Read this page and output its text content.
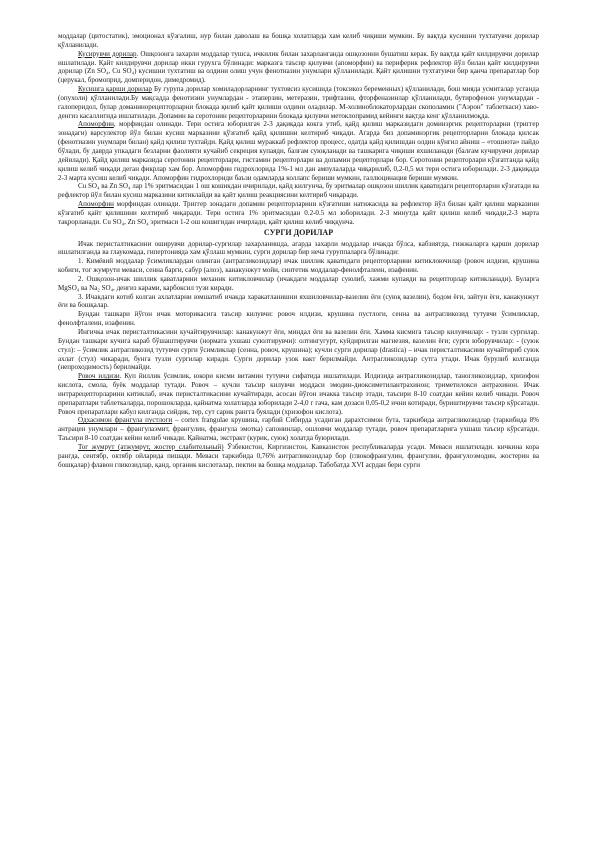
моддалар (цитостатик), эмоционал кўзғалиш, нур билан даволаш ва бошқа холатларда хам келиб чиқиши мумкин. Бу вақтда кусишни тухтатувчи дорилар қўлланилади.

Кусирувчи дорилар. Ошқозонга захарли моддалар тушса, ичкилик билан захарланганда ошқозонни бушатиш керак. Бу вақтда қайт килдирувчи дорилар ишлатилади. Қайт килдирувчи дорилар икки гурухга бўлинади: марказга таъсир қилувчи (апоморфин) ва периферик рефлектор йўл билан қайт килдирувчи дорилар (Zn SO₄, Cu SO₄) кусишни тухтатиш ва олдини олиш учун фенотиазин унумлари қўлланилади. Қайт қилишни тухтатувчи бир қанча препаратлар бор (церукал, бромоприд, домперидон, димедромид).

Кусишга қарши дорилар Бу гурупа дорилар хомиладорларнинг тухтовсиз кусишида (токсикоз беременных) қўлланилади, бош мияда усмиталар усганда (опухоли) қўлланилади.Бу мақсадда фенотизин унумлардан - этаперзин, метеразин, трифтазин, фторфеназинлар қўлланилади, бутирофенон унумлардан - галоперидол, булар доманинорецепторларни блокада қилиб қайт қилиши олдини оладилар. М-холиноблокаторлардан скополамин ("Аэрон" таблеткаси) хаво-денгиз касаллигида ишлатилади. Допамин ва серотонин рецепторларини блокада қилувчи метоклопрамид кейинги вақтда кенг қўлланилмоқда.

Апоморфин, морфиндан олинади. Тери остига юборилгач 2-3 дақиқада кокга утиб, қайд қилиш марказидаги доминэргик рецепторларни (триггер зонадаги) варсулектор йўл билан кусиш марказини қўзғатиб қайд қилишни келтириб чиқади. Агарда биз допаминэргик рецепторларни блокада қилсак (фенотиазин унумлари билан) қайд қилиш тухтайди. Қайд қилиш мураккаб рефлектор процесс, одатда қайд қилишдан олдин кўнгил айниш – «тошнота» пайдо бўлади, бу даврда упкадаги безларни фаолияти кучайиб секреция купаяди, балғам суюқланади ва ташкарига чиқиши яхшиланади (балғам кучирувчи дорилар дейилади). Қайд қилиш марказида серотонин рецепторлари, гистамин рецепторлари ва допамин рецепторлари бор. Серотонин рецепторлари кўзғатганда қайд қилиш келиб чиқади деган фикрлар хам бор. Апоморфин гидрохлорида 1%-1 мл дан ампулаларда чиқарилиб, 0,2-0,5 мл тери остига юборилади. 2-3 дақиқада 2-3 марта кусиш келиб чиқади. Апоморфин гидрохлориди баъзи одамларда коллапс бериши мумкин, галлюцинация бериши мумкин.

Cu SO₄ ва Zn SO₄ лар 1% эритмасидан 1 ош кошикдан ичирилади, қайд килгунча, бу эритмалар ошқозон шиллик қаватидаги рецепторларни кўзғатади ва рефлектор йўл билан кусиш марказини китиклайди ва қайт қилиш реакциясини келтириб чиқаради.

Апоморфин морфиндан олинади. Триггер зонадаги допамин рецепторларини кўзғатиши натижасида ва рефлектор йўл билан қайт қилиш марказини кўзғатиб қайт қилишини келтириб чиқаради. Тери остига 1% эритмасидан 0.2-0.5 мл юборилади. 2-3 минутда қайт қилиш келиб чиқади,2-3 марта тақрорланади. Cu SO₄, Zn SO₄ эритмаси 1-2 ош кошигидан ичирлади, қайт қилиш келиб чиққунча.

СУРГИ ДОРИЛАР

Ичак перисталтикасини оширувчи дорилар-сургилар захарланишда, агарда захарли моддалар ичакда бўлса, кабзиятда, гижжаларга қарши дорилар ишлатилганда ва глаукомада, гипертонияда хам қўллаш мумкин, сурги дорилар бир неча гуруппаларга бўлинади:

1. Кимёвий моддалар ўсимликлардан олинган (антрагликозидлар) ичак шиллик қаватидаги рецепторларини китиклоючилар (ровоч илдизи, крушина кобиги, тог жумрути меваси, сенна барги, сабур (алоэ), канакунжут мойи, синтетик моддалар-фенолфталеин, изафенин.

2. Ошқозон-ичак шиллик қаватларини механик китикловчилар (ичакдаги моддалар суюлиб, хажми купаяди ва рецепторлар китикланади). Буларга MgSO₄ ва Na₂ SO₄, денгиз карами, карбоксил тузи киради.

3. Ичакдаги котиб колган ахлатларни юмшатиб ичакда харакатланишни яхшиловчилар-вазелин ёғи (суюқ вазелин), бодом ёғи, зайтун ёғи, канакунжут ёғи ва бошқалар.

Бундан ташкари йўгон ичак моторикасига таъсир килувчи: ровоч илдизи, крушина пустлоги, сенна ва антрагликозид тутувчи ўсимликлар, фенолфталеин, изафенин.

Ингичка ичак перисталтикасини кучайтирувчилар: канакунжут ёғи, миндал ёғи ва вазелин ёғи. Хамма кисмига таъсир килувчилар: - тузли сургилар. Бундан ташкари кучига караб бўшаштирувчи (нормата ухшаш суюлтирувчи): олтингугурт, куйдирилган магнезия, вазелин ёғи; сурги юборувчилар: - (суюк стул): – ўсимлик антрагликозид тутувчи сурги ўсимликлар (сенна, ровоч, крушина); кучли сурги дорилар (drastica) – ичак перисталтикасини кучайтириб суюк ахлат (стул) чикаради, бунга тузли сургилар киради. Сурги дорилар узок вакт берилмайди. Антрагликозидлар сутга утади. Ичак бурулиб колганда (непроходимость) берилмайди.

Ровоч илдизи. Куп йиллик ўсимлик, юкори кисми витамин тутувчи сифатида ишлатилади. Илдизида антрагликозидлар, таногликозидлар, хризофон кислота, смола, буёк моддалар тутади. Ровоч – кучли таъсир килувчи моддаси эмодин-диоксиметилантрахинон; триметилокси антрахинон. Ичак интрарецепторларини китиклаб, ичак перисталтикасини кучайтиради, асосан йўгон ичакка таъсир этади, таъсири 8-10 соатдан кейин келиб чикади. Ровоч препаратлари таблеткаларда, порошокларда, қайнатма холатларда юборилади 2-4,0 г гача, кам дозаси 0,05-0,2 ични котиради, буриштирувчи таъсир кўрсатади. Ровоч препаратлари кабул килганда сийдик, тер, сут сарик рангга буялади (хризофон кислота).

Одхаснмон франгула пустлоги – cortex frangulae крушина, ғарбий Сибирда усадиган дарахтсимон бута, таркибида антрагликозидлар (таркибида 8% антрацен унумлари – франгулаэмит, франгулин, франгула эмотка) сапонинлар, ошловчи моддалар тутади, ровоч препаратларига ухшаш таъсир кўрсатади. Таъсири 8-10 соатдан кейин келиб чикади. Қайнатма, экстракт (курик, суюк) холатда буюрилади.

Тог жумрут (атжумрут, жостер слабительный) Ўзбекистон, Киргизистон, Кавказистон республикаларда усади. Меваси ишлатилади. кичкина кора рангда, сентябр, октябр ойларида пишади. Меваси таркибида 0,76% антрагликозидлар бор (глюкофрангулин, франгулин, франгулоэмодин, жостерин ва бошқалар) флавон гликозидлар, қанд, органик кислоталар, пектин ва бошқа моддалар. Табобатда XVI асрдан бери сурги
